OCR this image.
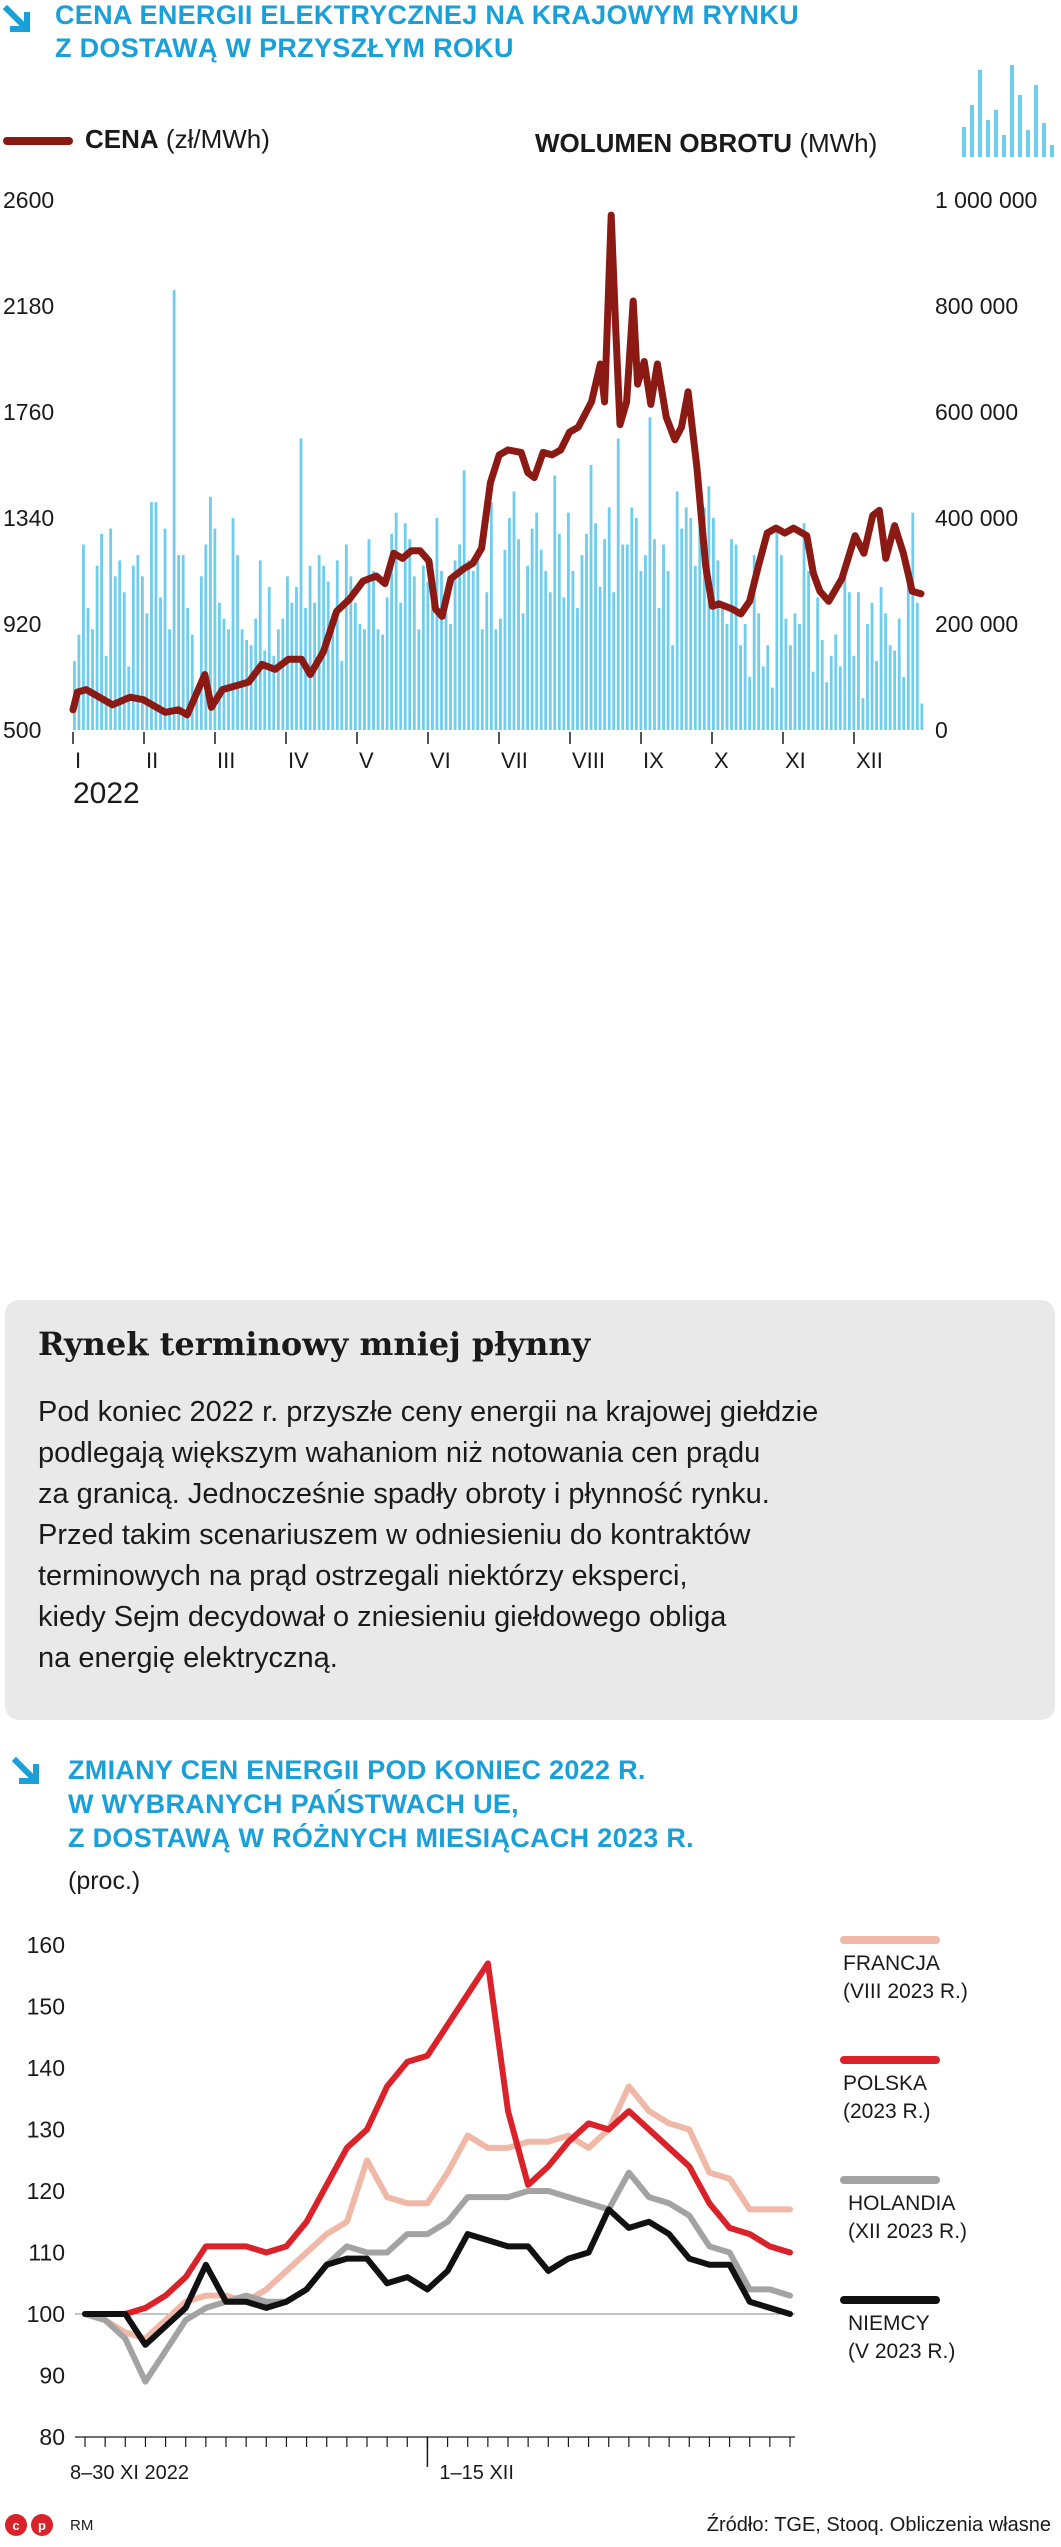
CENA ENERGII ELEKTRYCZNEJ NA KRAJOWYM RYNKU
Z DOSTAWĄ W PRZYSZŁYM ROKU
CENA (zł/MWh)	WOLUMEN OBROTU (MWh)
2600
2180
1760
1340
920
500
1 000 000
800 000
600 000
400 000
200 000
0
I	II	III IV V	VI VII VIII IX X	XI XII
2022
Rynek terminowy mniej płynny
Pod koniec 2022 r. przyszłe ceny energii na krajowej giełdzie
podlegają większym wahaniom niż notowania cen prądu
za granicą. Jednocześnie spadły obroty i płynność rynku.
Przed takim scenariuszem w odniesieniu do kontraktów
terminowych na prąd ostrzegali niektórzy eksperci,
kiedy Sejm decydował o zniesieniu giełdowego obliga
na energię elektryczną.
ZMIANY CEN ENERGII POD KONIEC 2022 R.
W WYBRANYCH PAŃSTWACH UE,
Z DOSTAWĄ W RÓŻNYCH MIESIĄCACH 2023 R.
(proc.)
160
150
140
130
120
110
100
90
80
8–30 XI 2022	1–15 XII
FRANCJA
(VIII 2023 R.)
POLSKA
(2023 R.)
HOLANDIA
(XII 2023 R.)
NIEMCY
(V 2023 R.)
c p RM	Źródło: TGE, Stooq. Obliczenia własne
